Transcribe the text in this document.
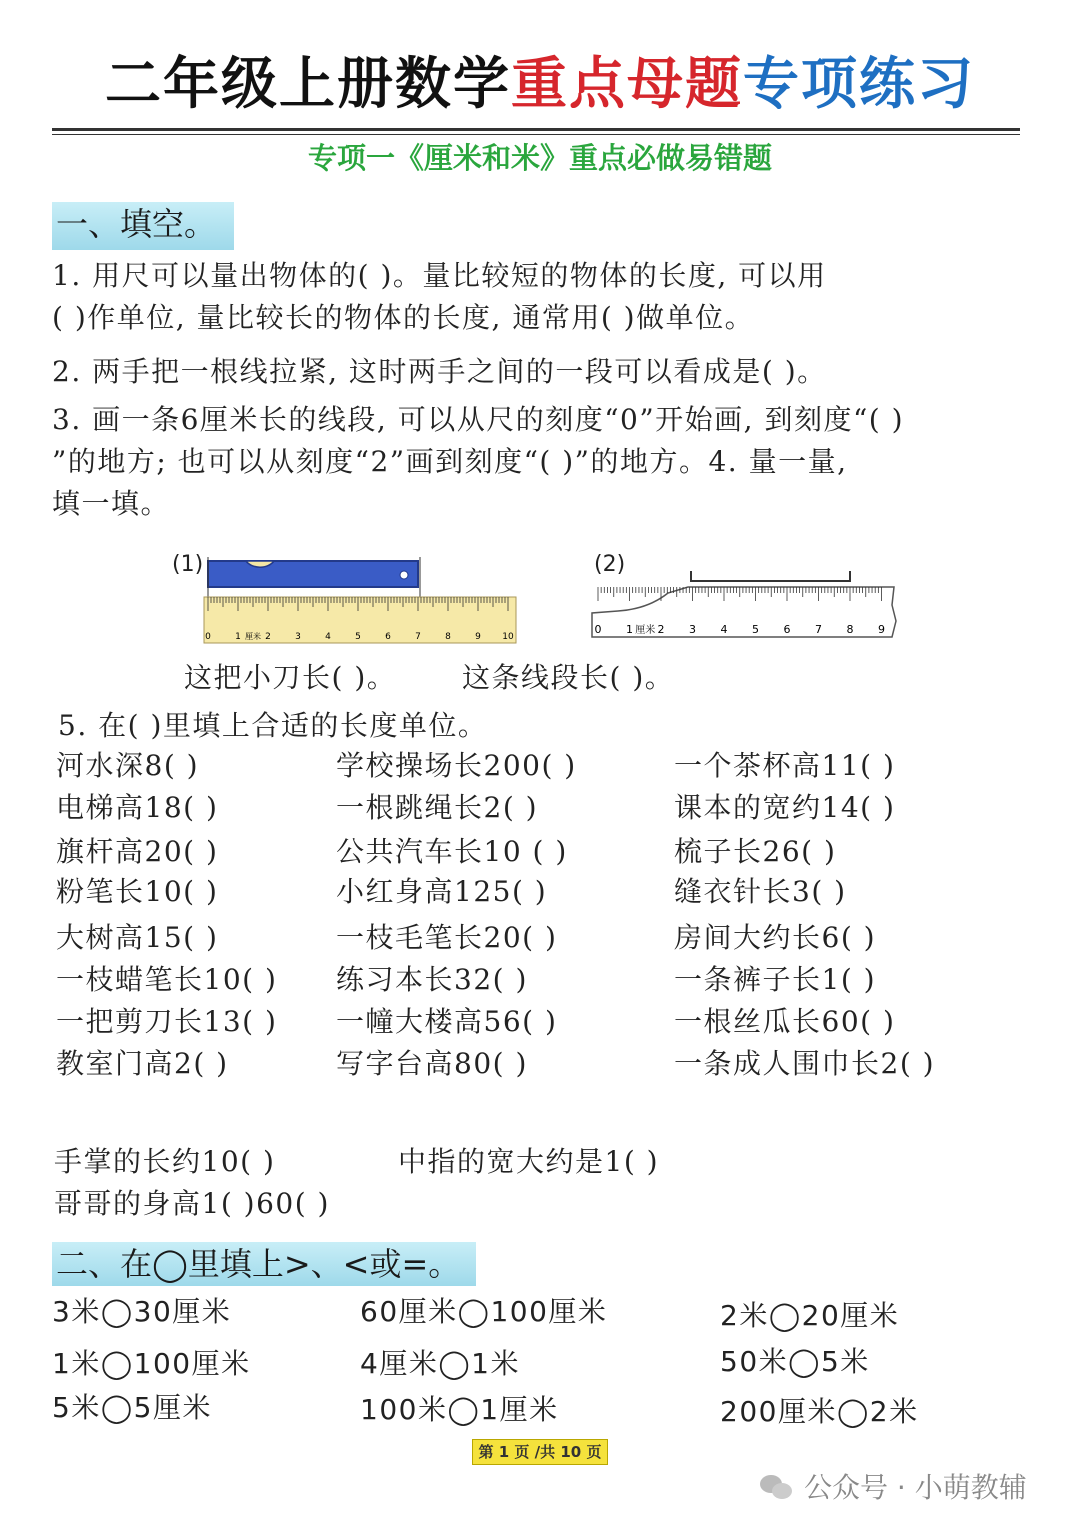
二年级上册数学重点母题专项练习
专项一《厘米和米》重点必做易错题
一、填空。
1. 用尺可以量出物体的( )。量比较短的物体的长度, 可以用
( )作单位, 量比较长的物体的长度, 通常用( )做单位。
2. 两手把一根线拉紧, 这时两手之间的一段可以看成是( )。
3. 画一条6厘米长的线段, 可以从尺的刻度“0”开始画, 到刻度“( )
”的地方; 也可以从刻度“2”画到刻度“( )”的地方。4. 量一量,
填一填。
(1)
0	1	2	3	4	5	6	7	8	9 10
厘米
(2)
0 1 2 3 4 5 6 7 8 9
厘米
这把小刀长( )。 这条线段长( )。
5. 在( )里填上合适的长度单位。
河水深8( )	学校操场长200( )	一个茶杯高11( )
电梯高18( )	一根跳绳长2( )	课本的宽约14( )
旗杆高20( )	公共汽车长10 ( )	梳子长26( )
粉笔长10( )	小红身高125( )	缝衣针长3( )
大树高15( )	一枝毛笔长20( )	房间大约长6( )
一枝蜡笔长10( ) 练习本长32( )	一条裤子长1( )
一把剪刀长13( ) 一幢大楼高56( )	一根丝瓜长60( )
教室门高2( )	写字台高80( )	一条成人围巾长2( )
手掌的长约10( )	中指的宽大约是1( )
哥哥的身高1( )60( )
二、在◯里填上>、<或=。
3米◯30厘米	60厘米◯100厘米	2米◯20厘米
1米◯100厘米	4厘米◯1米	50米◯5米
5米◯5厘米	100米◯1厘米	200厘米◯2米
第 1 页 /共 10 页
公众号 · 小萌教辅
